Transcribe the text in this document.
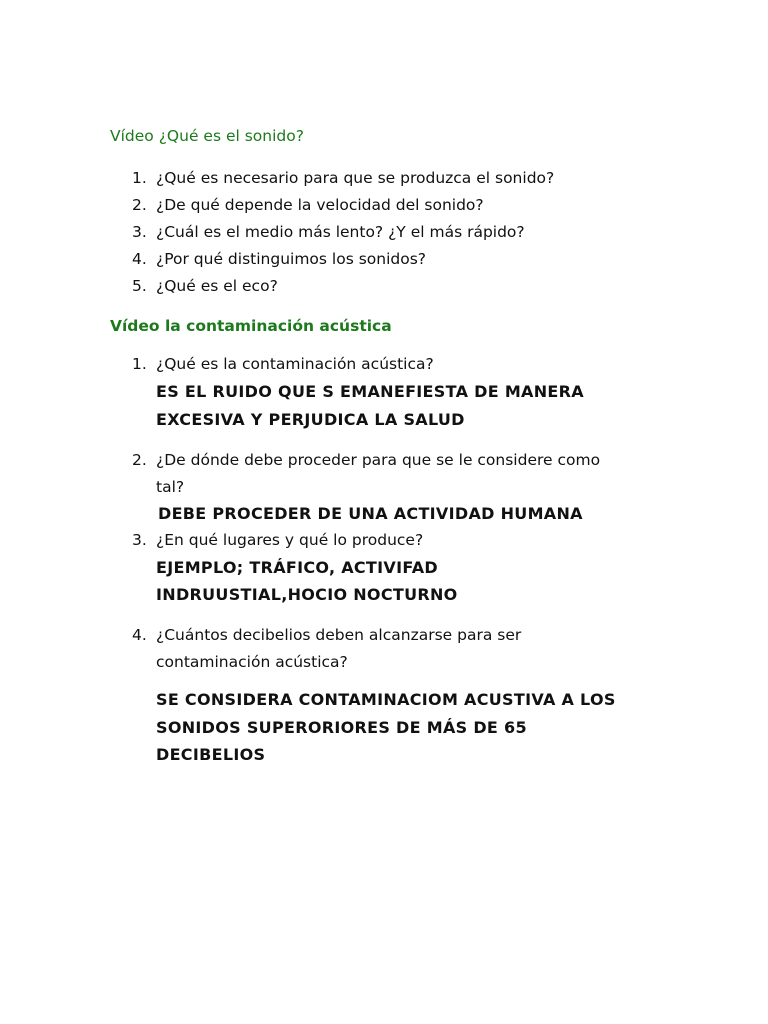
Vídeo ¿Qué es el sonido?
1. ¿Qué es necesario para que se produzca el sonido?
2. ¿De qué depende la velocidad del sonido?
3. ¿Cuál es el medio más lento? ¿Y el más rápido?
4. ¿Por qué distinguimos los sonidos?
5. ¿Qué es el eco?
Vídeo la contaminación acústica
1. ¿Qué es la contaminación acústica?
ES EL RUIDO QUE S EMANEFIESTA DE MANERA
EXCESIVA Y PERJUDICA LA SALUD
2. ¿De dónde debe proceder para que se le considere como
tal?
DEBE PROCEDER DE UNA ACTIVIDAD HUMANA
3. ¿En qué lugares y qué lo produce?
EJEMPLO; TRÁFICO, ACTIVIFAD
INDRUUSTIAL,HOCIO NOCTURNO
4. ¿Cuántos decibelios deben alcanzarse para ser
contaminación acústica?
SE CONSIDERA CONTAMINACIOM ACUSTIVA A LOS
SONIDOS SUPERORIORES DE MÁS DE 65
DECIBELIOS
